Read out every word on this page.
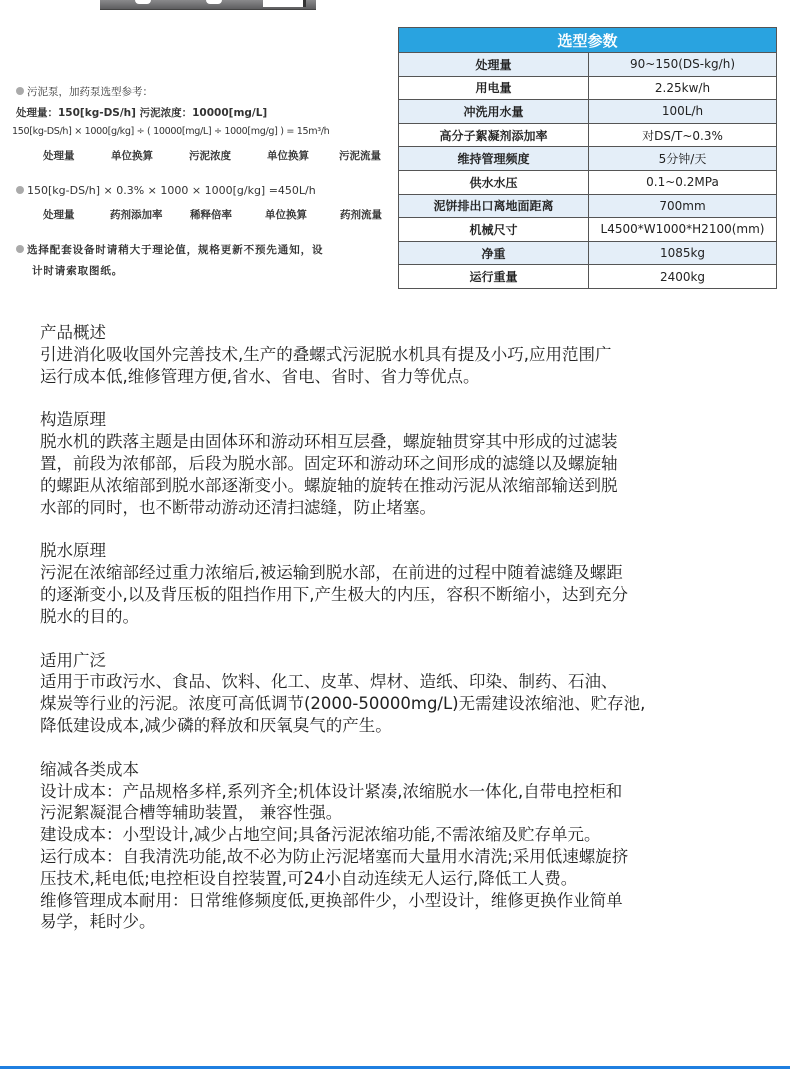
选型参数	
处理量	90~150(DS-kg/h)
用电量	2.25kw/h
冲洗用水量	100L/h
高分子絮凝剂添加率	对DS/T~0.3%
维持管理频度	5分钟/天
供水水压	0.1~0.2MPa
泥饼排出口离地面距离	700mm
机械尺寸	L4500*W1000*H2100(mm)
净重	1085kg
运行重量	2400kg
污泥泵，加药泵选型参考：
处理量：150[kg-DS/h] 污泥浓度：10000[mg/L]
150[kg-DS/h] × 1000[g/kg] ÷ ( 10000[mg/L] ÷ 1000[mg/g] ) = 15m³/h
处理量	单位换算	污泥浓度	单位换算	污泥流量
150[kg-DS/h] × 0.3% × 1000 × 1000[g/kg] =450L/h
处理量	药剂添加率	稀释倍率	单位换算	药剂流量
选择配套设备时请稍大于理论值，规格更新不预先通知，设
计时请索取图纸。

产品概述

引进消化吸收国外完善技术,生产的叠螺式污泥脱水机具有提及小巧,应用范围广

运行成本低,维修管理方便,省水、省电、省时、省力等优点。

构造原理

脱水机的跌落主题是由固体环和游动环相互层叠，螺旋轴贯穿其中形成的过滤装

置，前段为浓郁部，后段为脱水部。固定环和游动环之间形成的滤缝以及螺旋轴

的螺距从浓缩部到脱水部逐渐变小。螺旋轴的旋转在推动污泥从浓缩部输送到脱

水部的同时，也不断带动游动还清扫滤缝，防止堵塞。

脱水原理

污泥在浓缩部经过重力浓缩后,被运输到脱水部，在前进的过程中随着滤缝及螺距

的逐渐变小,以及背压板的阻挡作用下,产生极大的内压，容积不断缩小，达到充分

脱水的目的。

适用广泛

适用于市政污水、食品、饮料、化工、皮革、焊材、造纸、印染、制药、石油、

煤炭等行业的污泥。浓度可高低调节(2000-50000mg/L)无需建设浓缩池、贮存池,

降低建设成本,减少磷的释放和厌氧臭气的产生。

缩减各类成本

设计成本：产品规格多样,系列齐全;机体设计紧凑,浓缩脱水一体化,自带电控柜和

污泥絮凝混合槽等辅助装置， 兼容性强。

建设成本：小型设计,减少占地空间;具备污泥浓缩功能,不需浓缩及贮存单元。

运行成本：自我清洗功能,故不必为防止污泥堵塞而大量用水清洗;采用低速螺旋挤

压技术,耗电低;电控柜设自控装置,可24小自动连续无人运行,降低工人费。

维修管理成本耐用：日常维修频度低,更换部件少，小型设计，维修更换作业简单

易学，耗时少。
